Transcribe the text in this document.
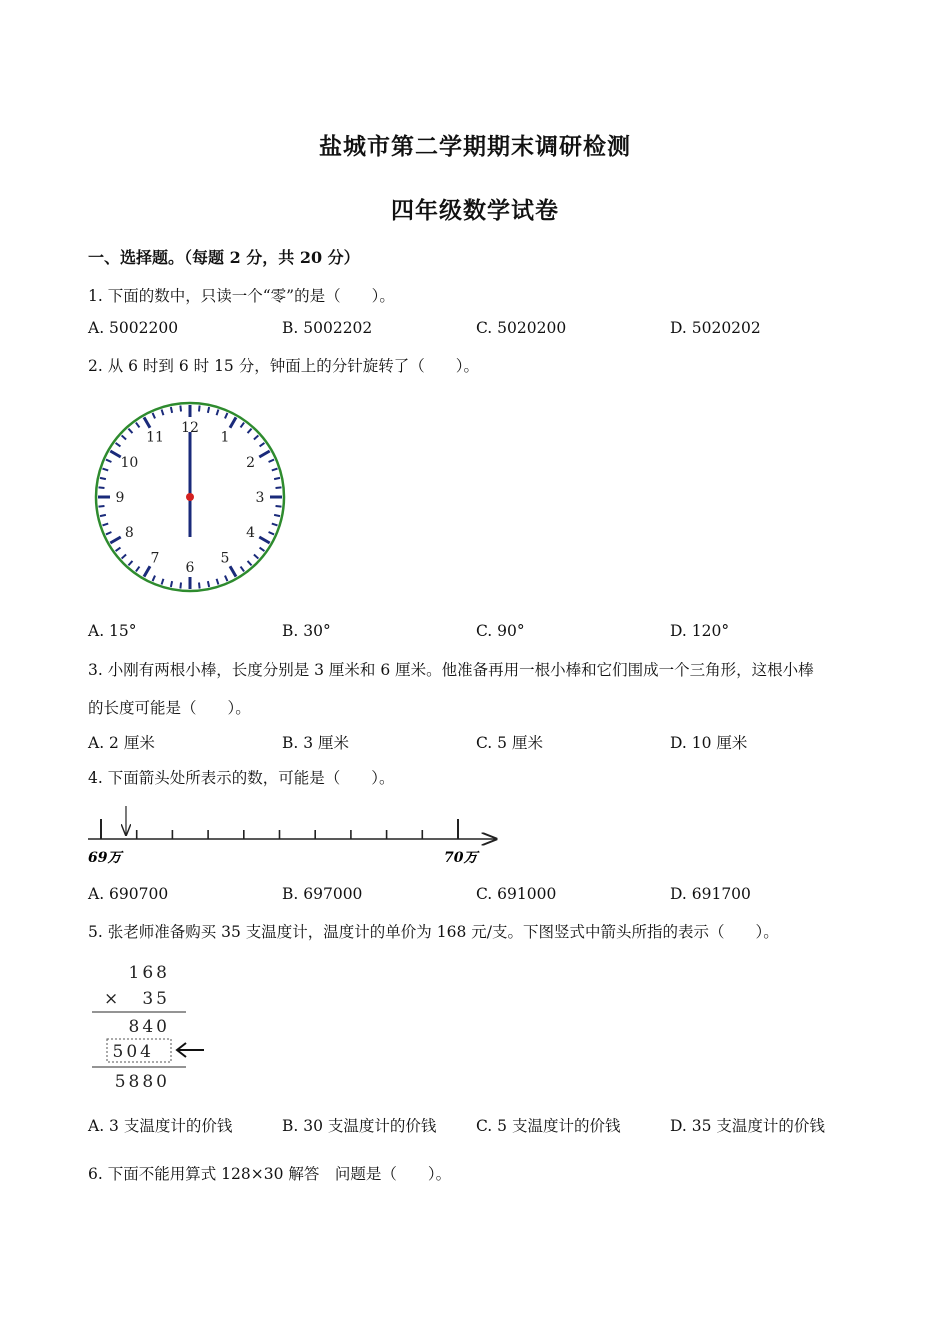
盐城市第二学期期末调研检测
四年级数学试卷
一、选择题。（每题 2 分，共 20 分）
1. 下面的数中，只读一个“零”的是（　　）。
A. 5002200	B. 5002202	C. 5020200	D. 5020202
2. 从 6 时到 6 时 15 分，钟面上的分针旋转了（　　）。
12
1
2
3
4
5
6
7
8
9
10
11
A. 15°	B. 30°	C. 90°	D. 120°
3. 小刚有两根小棒，长度分别是 3 厘米和 6 厘米。他准备再用一根小棒和它们围成一个三角形，这根小棒
的长度可能是（　　）。
A. 2 厘米	B. 3 厘米	C. 5 厘米	D. 10 厘米
4. 下面箭头处所表示的数，可能是（　　）。
69万	70万
A. 690700	B. 697000	C. 691000	D. 691700
5. 张老师准备购买 35 支温度计，温度计的单价为 168 元/支。下图竖式中箭头所指的表示（　　）。
168
× 35
840
504
5880
A. 3 支温度计的价钱	B. 30 支温度计的价钱	C. 5 支温度计的价钱	D. 35 支温度计的价钱
6. 下面不能用算式 128×30 解答　问题是（　　）。
